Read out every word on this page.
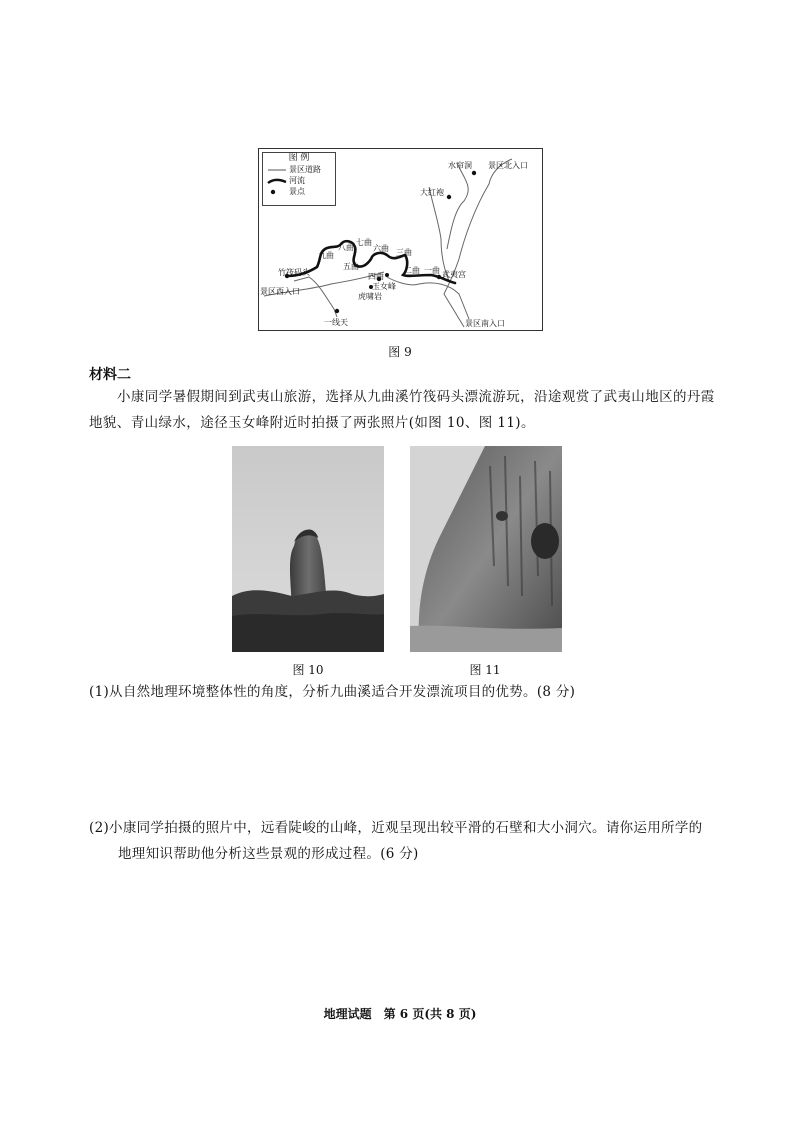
图 例
景区道路
河流
景点
水帘洞 景区北入口
大红袍
七曲
八曲 六曲 三曲
九曲
五曲	二曲 一曲
四曲
竹筏码头	武夷宫
景区西入口
玉女峰
虎啸岩
一线天	景区南入口
图 9
材料二
小康同学暑假期间到武夷山旅游，选择从九曲溪竹筏码头漂流游玩，沿途观赏了武夷山地区的丹霞
地貌、青山绿水，途径玉女峰附近时拍摄了两张照片(如图 10、图 11)。
图 10	图 11
(1)从自然地理环境整体性的角度，分析九曲溪适合开发漂流项目的优势。(8 分)
(2)小康同学拍摄的照片中，远看陡峻的山峰，近观呈现出较平滑的石壁和大小洞穴。请你运用所学的
地理知识帮助他分析这些景观的形成过程。(6 分)
地理试题　第 6 页(共 8 页)
